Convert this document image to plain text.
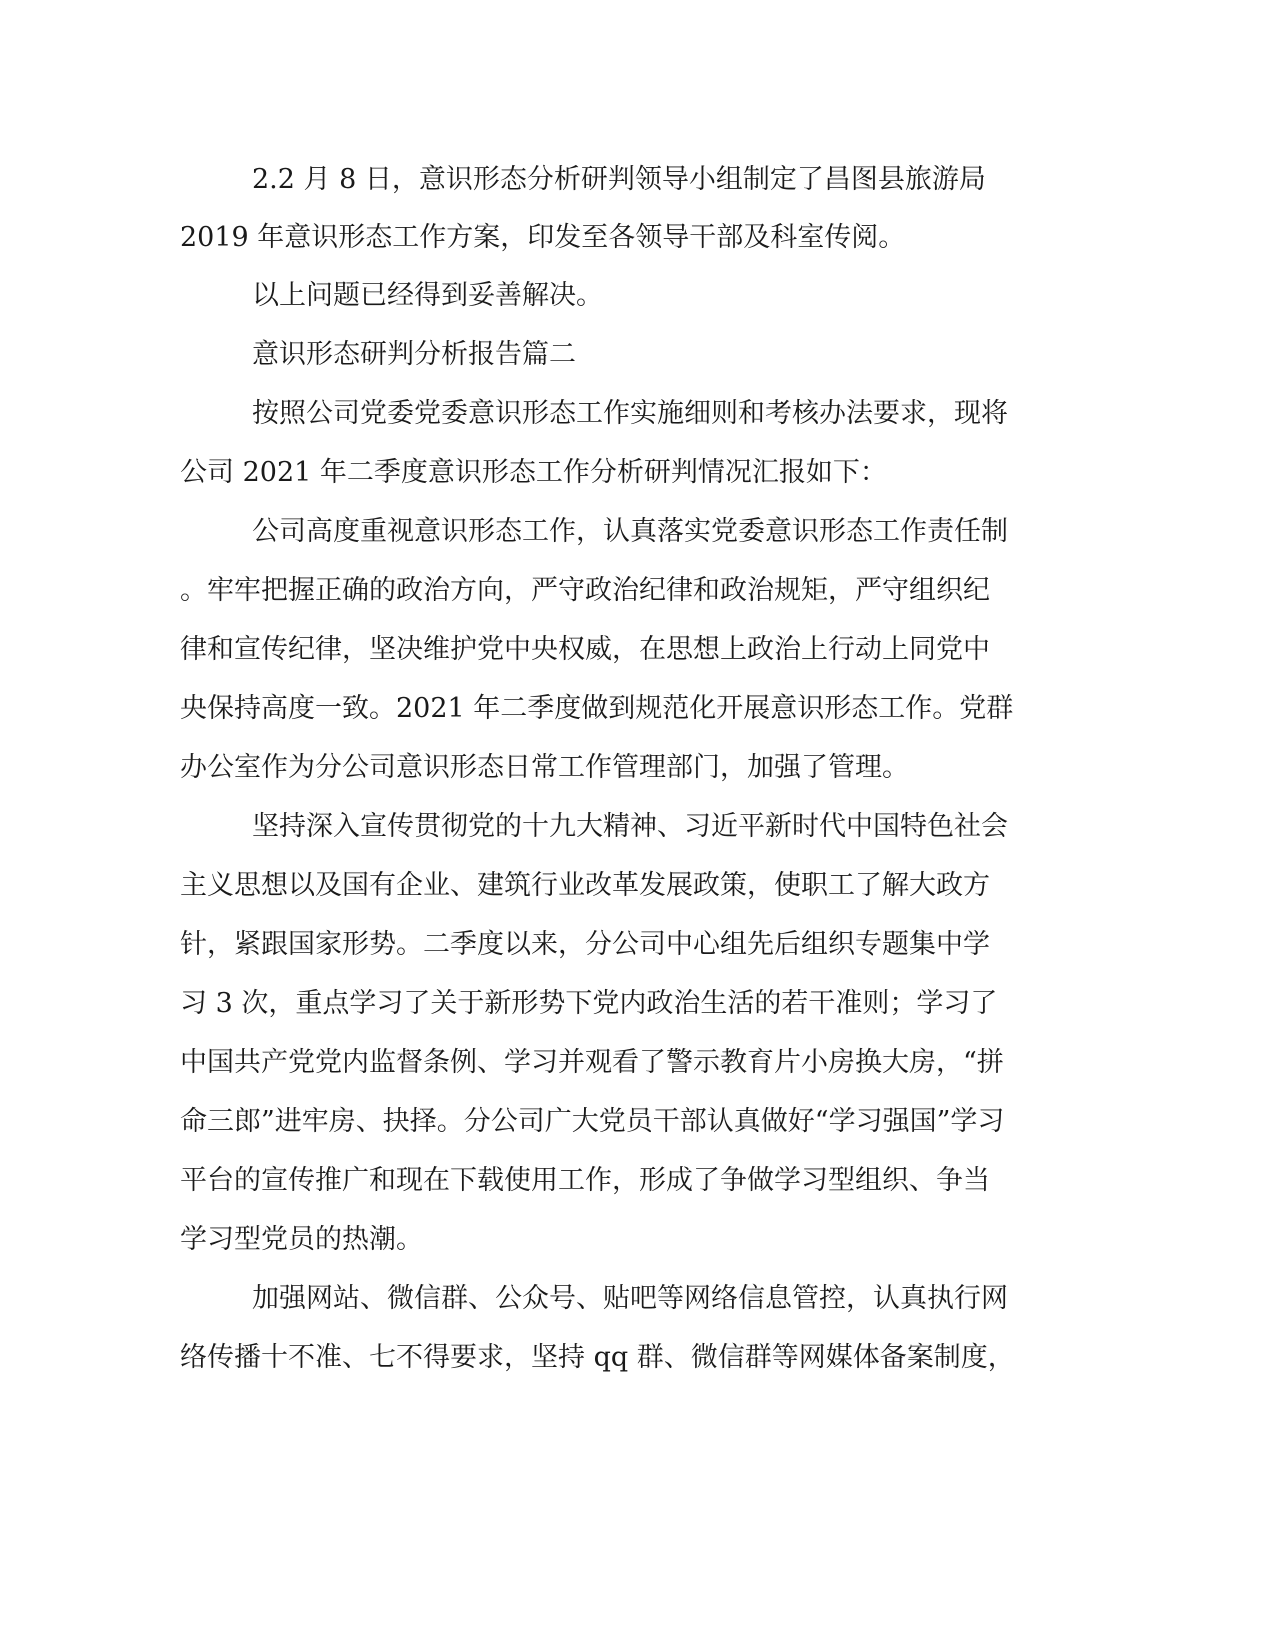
2.2 月 8 日，意识形态分析研判领导小组制定了昌图县旅游局
2019 年意识形态工作方案，印发至各领导干部及科室传阅。
以上问题已经得到妥善解决。
意识形态研判分析报告篇二
按照公司党委党委意识形态工作实施细则和考核办法要求，现将
公司 2021 年二季度意识形态工作分析研判情况汇报如下：
公司高度重视意识形态工作，认真落实党委意识形态工作责任制
。牢牢把握正确的政治方向，严守政治纪律和政治规矩，严守组织纪
律和宣传纪律，坚决维护党中央权威，在思想上政治上行动上同党中
央保持高度一致。2021 年二季度做到规范化开展意识形态工作。党群
办公室作为分公司意识形态日常工作管理部门，加强了管理。
坚持深入宣传贯彻党的十九大精神、习近平新时代中国特色社会
主义思想以及国有企业、建筑行业改革发展政策，使职工了解大政方
针，紧跟国家形势。二季度以来，分公司中心组先后组织专题集中学
习 3 次，重点学习了关于新形势下党内政治生活的若干准则；学习了
中国共产党党内监督条例、学习并观看了警示教育片小房换大房，“拼
命三郎”进牢房、抉择。分公司广大党员干部认真做好“学习强国”学习
平台的宣传推广和现在下载使用工作，形成了争做学习型组织、争当
学习型党员的热潮。
加强网站、微信群、公众号、贴吧等网络信息管控，认真执行网
络传播十不准、七不得要求，坚持 qq 群、微信群等网媒体备案制度，
